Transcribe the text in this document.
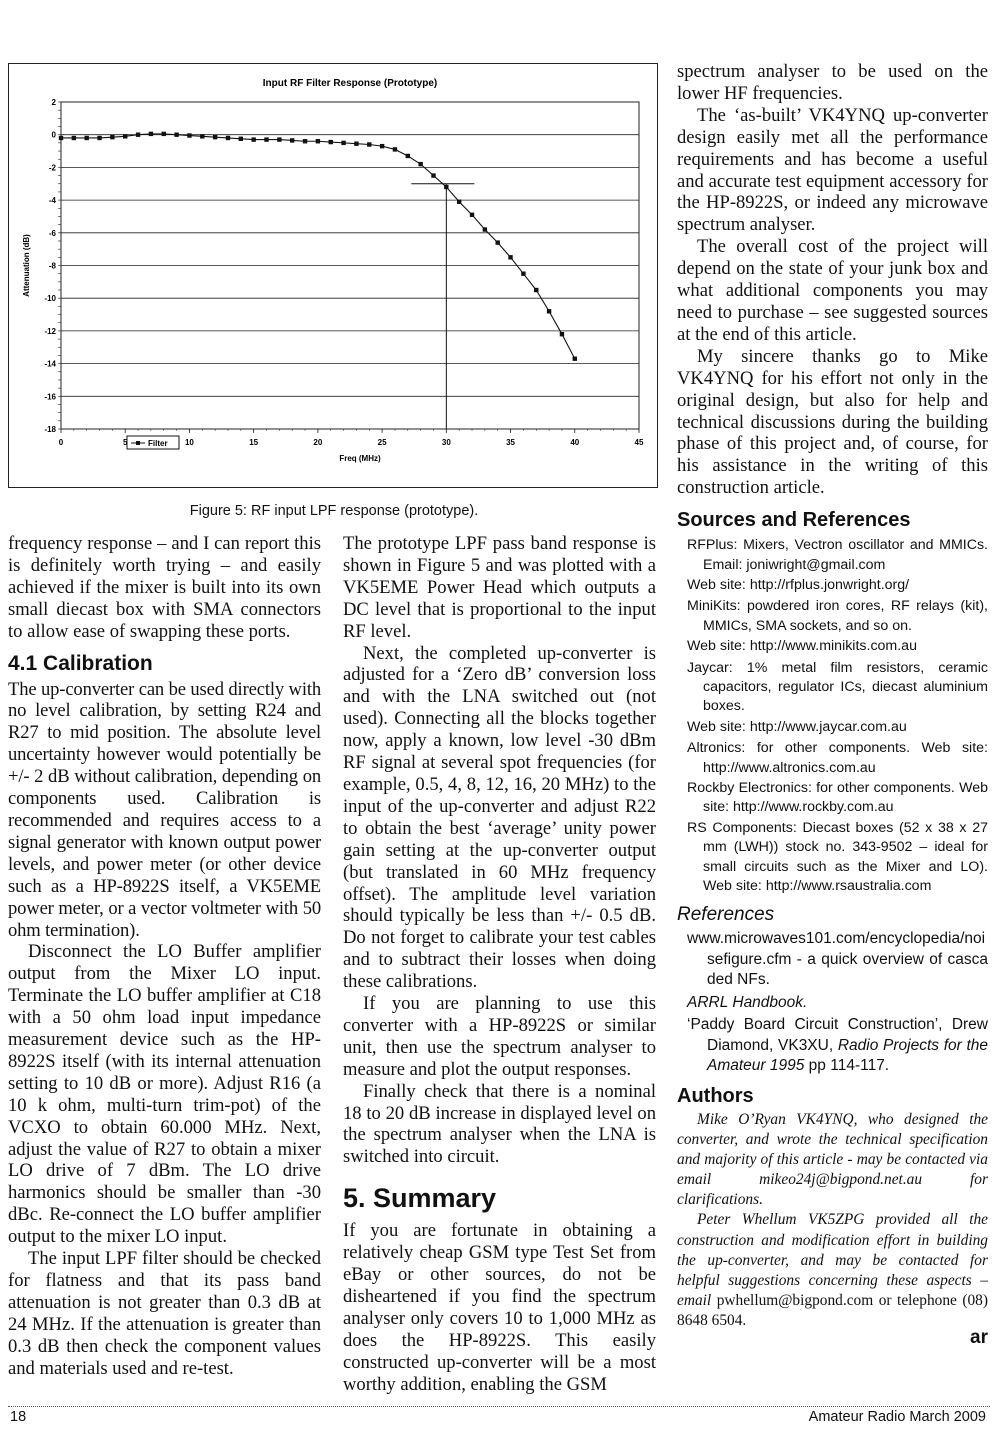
Input RF Filter Response (Prototype)
2
0
-2
-4
-6
-8
-10
-12
-14
-16
-18
0	5	10	15	20	25	30	35	40	45
Freq (MHz)
Attenuation (dB)
Filter
Figure 5: RF input LPF response (prototype).

frequency response – and I can report this is definitely worth trying – and easily achieved if the mixer is built into its own small diecast box with SMA connectors to allow ease of swapping these ports.

4.1 Calibration

The up-converter can be used directly with no level calibration, by setting R24 and R27 to mid position. The absolute level uncertainty however would potentially be +/- 2 dB without calibration, depending on components used. Calibration is recommended and requires access to a signal generator with known output power levels, and power meter (or other device such as a HP-8922S itself, a VK5EME power meter, or a vector voltmeter with 50 ohm termination).

Disconnect the LO Buffer amplifier output from the Mixer LO input. Terminate the LO buffer amplifier at C18 with a 50 ohm load input impedance measurement device such as the HP-8922S itself (with its internal attenuation setting to 10 dB or more). Adjust R16 (a 10 k ohm, multi-turn trim-pot) of the VCXO to obtain 60.000 MHz. Next, adjust the value of R27 to obtain a mixer LO drive of 7 dBm. The LO drive harmonics should be smaller than -30 dBc. Re-connect the LO buffer amplifier output to the mixer LO input.

The input LPF filter should be checked for flatness and that its pass band attenuation is not greater than 0.3 dB at 24 MHz. If the attenuation is greater than 0.3 dB then check the component values and materials used and re-test.

The prototype LPF pass band response is shown in Figure 5 and was plotted with a VK5EME Power Head which outputs a DC level that is proportional to the input RF level.

Next, the completed up-converter is adjusted for a ‘Zero dB’ conversion loss and with the LNA switched out (not used). Connecting all the blocks together now, apply a known, low level -30 dBm RF signal at several spot frequencies (for example, 0.5, 4, 8, 12, 16, 20 MHz) to the input of the up-converter and adjust R22 to obtain the best ‘average’ unity power gain setting at the up-converter output (but translated in 60 MHz frequency offset). The amplitude level variation should typically be less than +/- 0.5 dB. Do not forget to calibrate your test cables and to subtract their losses when doing these calibrations.

If you are planning to use this converter with a HP-8922S or similar unit, then use the spectrum analyser to measure and plot the output responses.

Finally check that there is a nominal 18 to 20 dB increase in displayed level on the spectrum analyser when the LNA is switched into circuit.

5. Summary

If you are fortunate in obtaining a relatively cheap GSM type Test Set from eBay or other sources, do not be disheartened if you find the spectrum analyser only covers 10 to 1,000 MHz as does the HP-8922S. This easily constructed up-converter will be a most worthy addition, enabling the GSM

spectrum analyser to be used on the lower HF frequencies.

The ‘as-built’ VK4YNQ up-converter design easily met all the performance requirements and has become a useful and accurate test equipment accessory for the HP-8922S, or indeed any microwave spectrum analyser.

The overall cost of the project will depend on the state of your junk box and what additional components you may need to purchase – see suggested sources at the end of this article.

My sincere thanks go to Mike VK4YNQ for his effort not only in the original design, but also for help and technical discussions during the building phase of this project and, of course, for his assistance in the writing of this construction article.

Sources and References

RFPlus: Mixers, Vectron oscillator and MMICs. Email: joniwright@gmail.com

Web site: http://rfplus.jonwright.org/

MiniKits: powdered iron cores, RF relays (kit), MMICs, SMA sockets, and so on.

Web site: http://www.minikits.com.au

Jaycar: 1% metal film resistors, ceramic capacitors, regulator ICs, diecast aluminium boxes.

Web site: http://www.jaycar.com.au

Altronics: for other components. Web site: http://www.altronics.com.au

Rockby Electronics: for other components. Web site: http://www.rockby.com.au

RS Components: Diecast boxes (52 x 38 x 27 mm (LWH)) stock no. 343-9502 – ideal for small circuits such as the Mixer and LO). Web site: http://www.rsaustralia.com

References

www.microwaves101.com/encyclopedia/noisefigure.cfm - a quick overview of cascaded NFs.

ARRL Handbook.

‘Paddy Board Circuit Construction’, Drew Diamond, VK3XU, Radio Projects for the Amateur 1995 pp 114-117.

Authors

Mike O’Ryan VK4YNQ, who designed the converter, and wrote the technical specification and majority of this article - may be contacted via email mikeo24j@bigpond.net.au for clarifications.

Peter Whellum VK5ZPG provided all the construction and modification effort in building the up-converter, and may be contacted for helpful suggestions concerning these aspects – email pwhellum@bigpond.com or telephone (08) 8648 6504.

ar
18	Amateur Radio March 2009
